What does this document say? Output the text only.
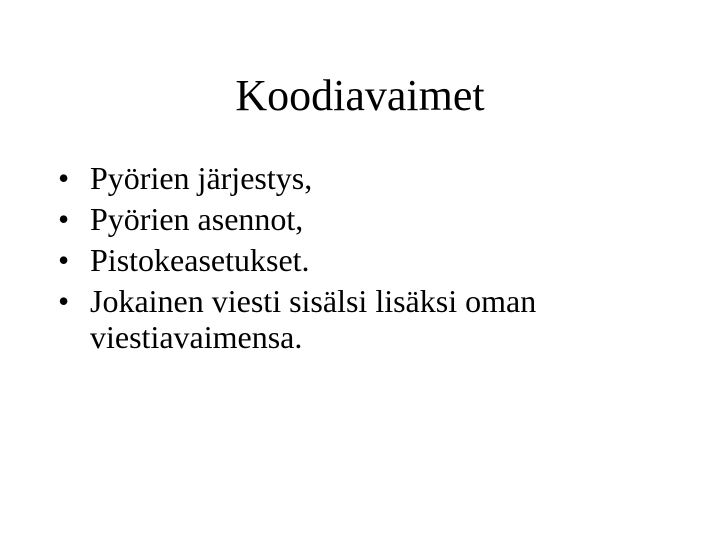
Koodiavaimet
• Pyörien järjestys,
• Pyörien asennot,
• Pistokeasetukset.
• Jokainen viesti sisälsi lisäksi oman viestiavaimensa.
